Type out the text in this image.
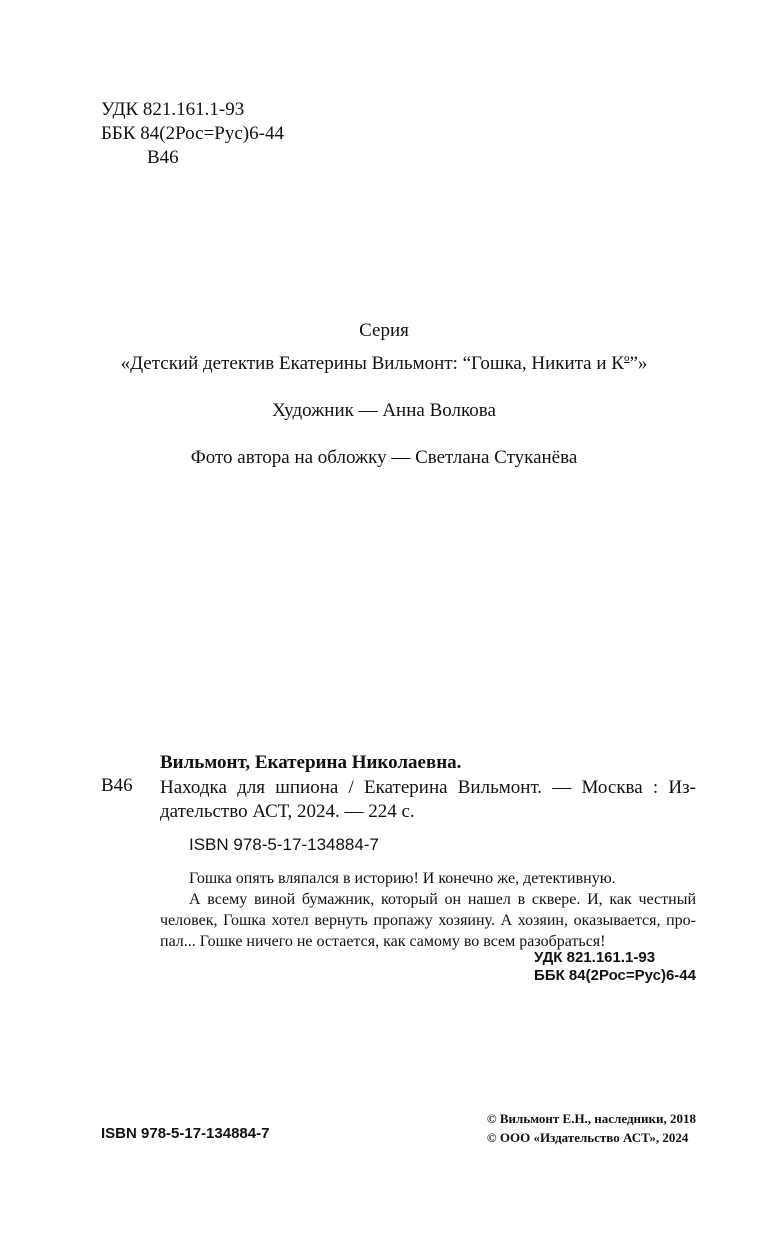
УДК 821.161.1-93
ББК 84(2Рос=Рус)6-44
В46
Серия
«Детский детектив Екатерины Вильмонт: “Гошка, Никита и $К^о$”»
Художник — Анна Волкова
Фото автора на обложку — Светлана Стуканёва
Вильмонт, Екатерина Николаевна.
В46 Находка для шпиона / Екатерина Вильмонт. — Москва : Из-
дательство АСТ, 2024. — 224 с.
ISBN 978-5-17-134884-7
Гошка опять вляпался в историю! И конечно же, детективную.
А всему виной бумажник, который он нашел в сквере. И, как честный
человек, Гошка хотел вернуть пропажу хозяину. А хозяин, оказывается, про-
пал... Гошке ничего не остается, как самому во всем разобраться!
УДК 821.161.1-93
ББК 84(2Рос=Рус)6-44
ISBN 978-5-17-134884-7
© Вильмонт Е.Н., наследники, 2018
© ООО «Издательство АСТ», 2024
